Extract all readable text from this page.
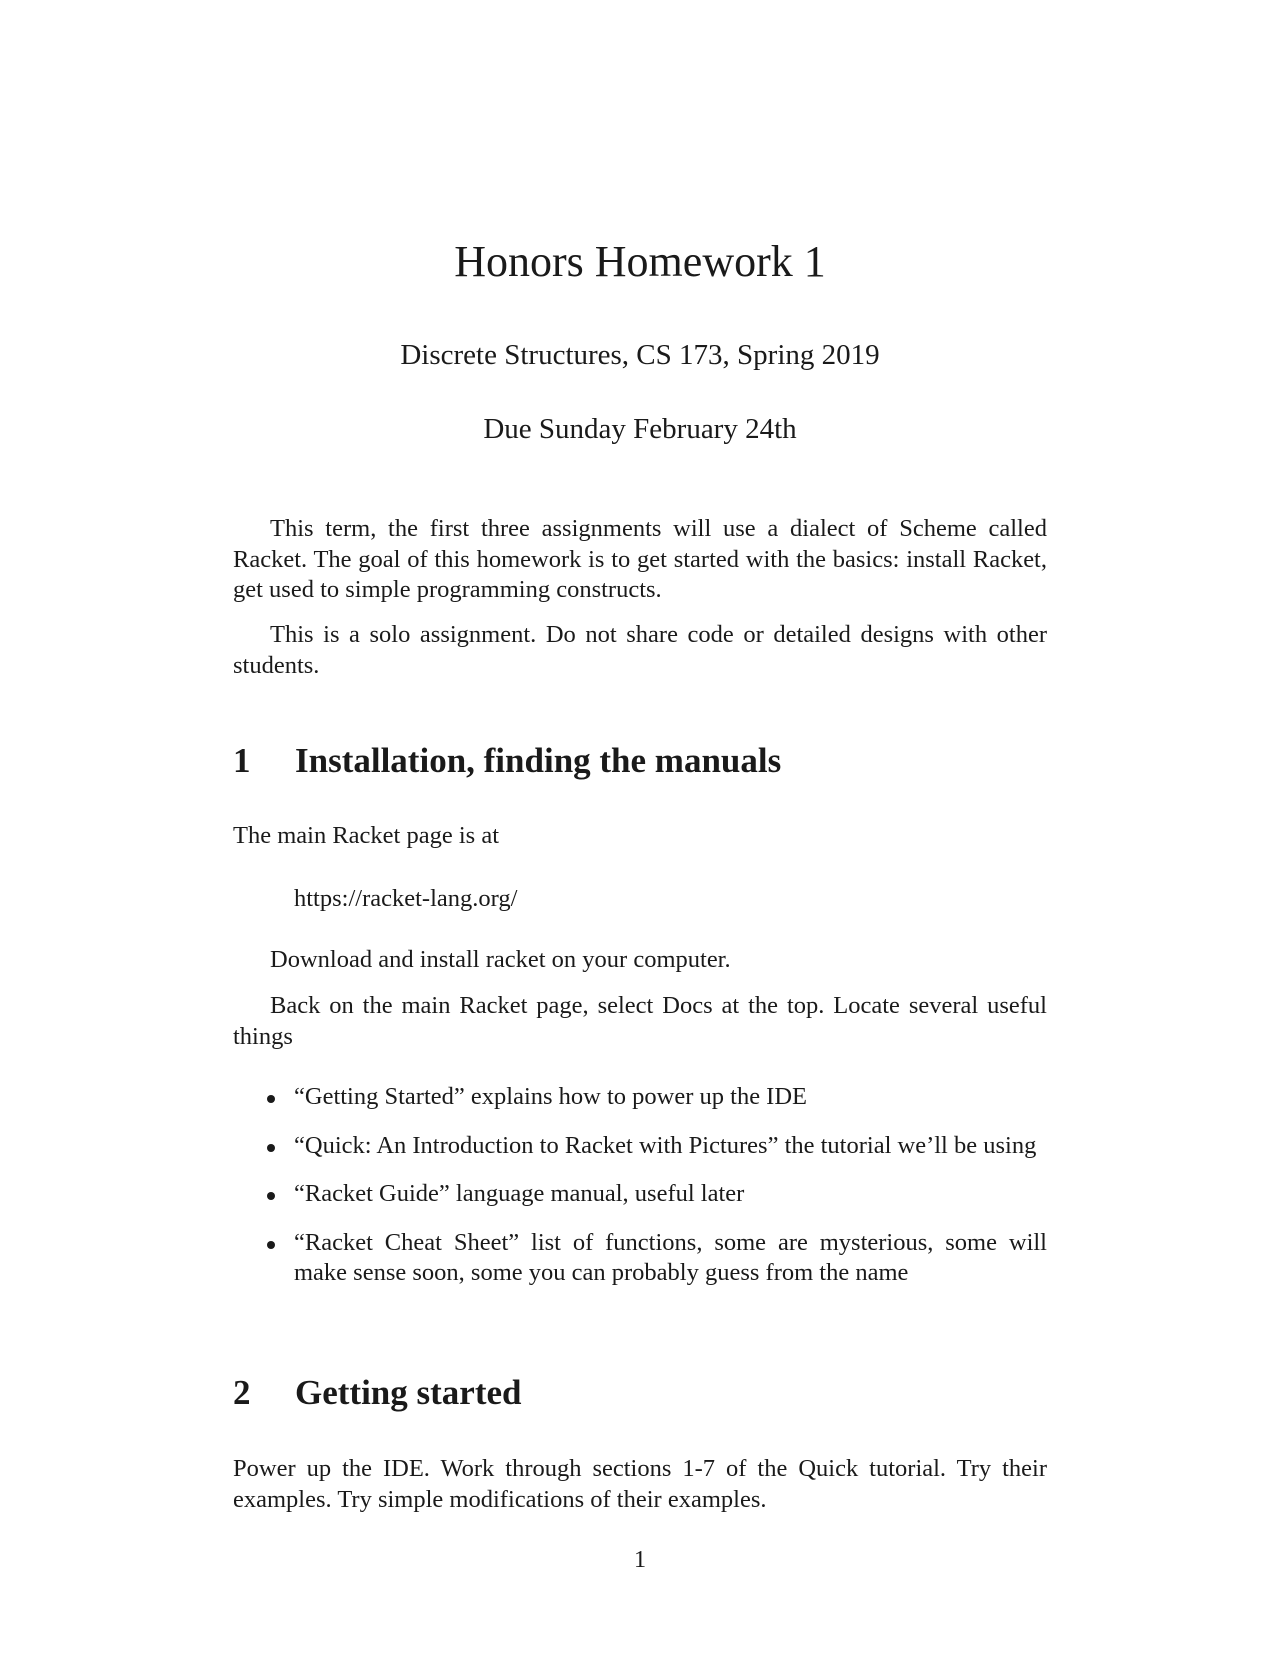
Honors Homework 1
Discrete Structures, CS 173, Spring 2019
Due Sunday February 24th

This term, the first three assignments will use a dialect of Scheme called Racket. The goal of this homework is to get started with the basics: install Racket, get used to simple programming constructs.

This is a solo assignment. Do not share code or detailed designs with other students.

1 Installation, finding the manuals

The main Racket page is at

https://racket-lang.org/

Download and install racket on your computer.

Back on the main Racket page, select Docs at the top. Locate several useful things

“Getting Started” explains how to power up the IDE
“Quick: An Introduction to Racket with Pictures” the tutorial we’ll be using
“Racket Guide” language manual, useful later
“Racket Cheat Sheet” list of functions, some are mysterious, some will make sense soon, some you can probably guess from the name
2 Getting started

Power up the IDE. Work through sections 1-7 of the Quick tutorial. Try their examples. Try simple modifications of their examples.

1
